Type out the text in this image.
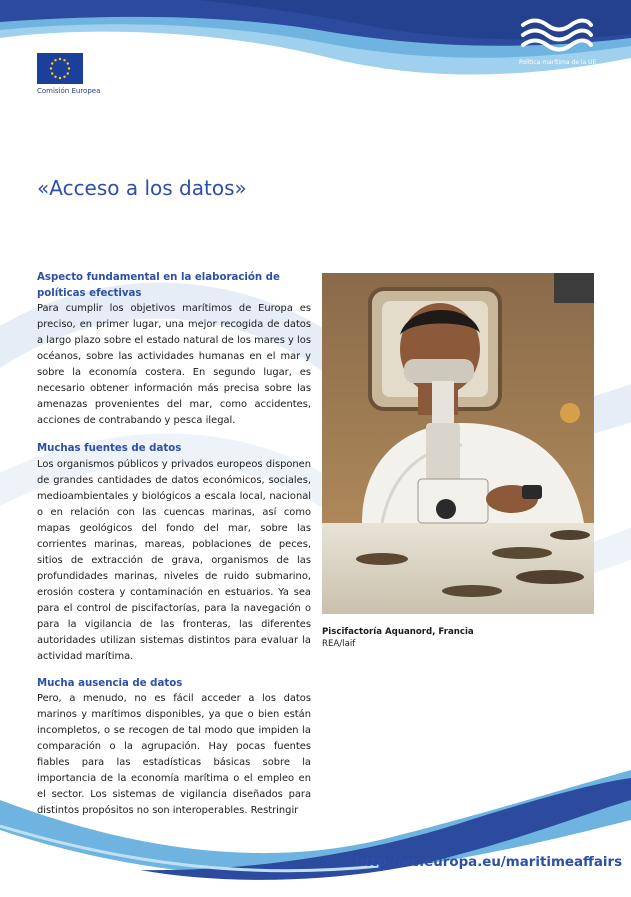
Comisión Europea
Política marítima de la UE
«Acceso a los datos»

Aspecto fundamental en la elaboración de políticas efectivas

Para cumplir los objetivos marítimos de Europa es preciso, en primer lugar, una mejor recogida de datos a largo plazo sobre el estado natural de los mares y los océanos, sobre las actividades humanas en el mar y sobre la economía costera. En segundo lugar, es necesario obtener información más precisa sobre las amenazas provenientes del mar, como accidentes, acciones de contrabando y pesca ilegal.

Muchas fuentes de datos

Los organismos públicos y privados europeos disponen de grandes cantidades de datos económicos, sociales, medioambientales y biológicos a escala local, nacional o en relación con las cuencas marinas, así como mapas geológicos del fondo del mar, sobre las corrientes marinas, mareas, poblaciones de peces, sitios de extracción de grava, organismos de las profundidades marinas, niveles de ruido submarino, erosión costera y contaminación en estuarios. Ya sea para el control de piscifactorías, para la navegación o para la vigilancia de las fronteras, las diferentes autoridades utilizan sistemas distintos para evaluar la actividad marítima.

Mucha ausencia de datos

Pero, a menudo, no es fácil acceder a los datos marinos y marítimos disponibles, ya que o bien están incompletos, o se recogen de tal modo que impiden la comparación o la agrupación. Hay pocas fuentes fiables para las estadísticas básicas sobre la importancia de la economía marítima o el empleo en el sector. Los sistemas de vigilancia diseñados para distintos propósitos no son interoperables. Restringir

Piscifactoría Aquanord, Francia
REA/laif
http://ec.europa.eu/maritimeaffairs
